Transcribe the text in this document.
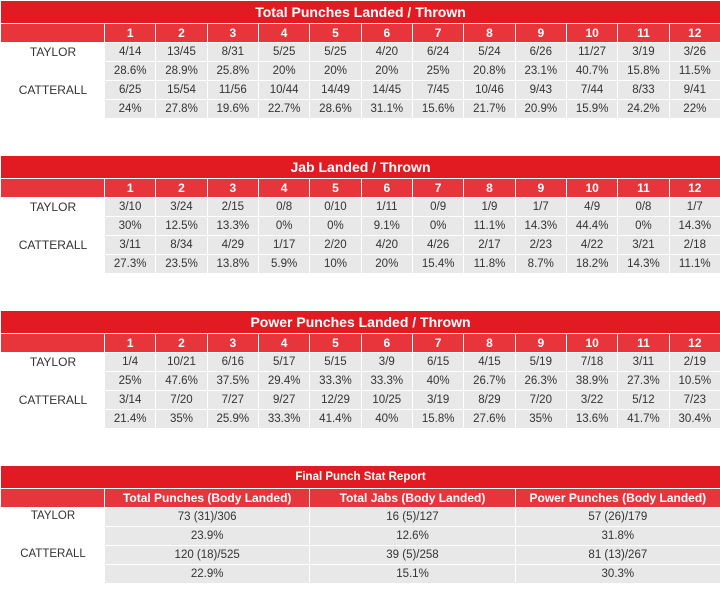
Total Punches Landed / Thrown												
	1	2	3	4	5	6	7	8	9	10	11	12

TAYLOR	4/14	13/45	8/31	5/25	5/25	4/20	6/24	5/24	6/26	11/27	3/19	3/26
	28.6%	28.9%	25.8%	20%	20%	20%	25%	20.8%	23.1%	40.7%	15.8%	11.5%

CATTERALL	6/25	15/54	11/56	10/44	14/49	14/45	7/45	10/46	9/43	7/44	8/33	9/41
	24%	27.8%	19.6%	22.7%	28.6%	31.1%	15.6%	21.7%	20.9%	15.9%	24.2%	22%
Jab Landed / Thrown												
	1	2	3	4	5	6	7	8	9	10	11	12

TAYLOR	3/10	3/24	2/15	0/8	0/10	1/11	0/9	1/9	1/7	4/9	0/8	1/7
	30%	12.5%	13.3%	0%	0%	9.1%	0%	11.1%	14.3%	44.4%	0%	14.3%

CATTERALL	3/11	8/34	4/29	1/17	2/20	4/20	4/26	2/17	2/23	4/22	3/21	2/18
	27.3%	23.5%	13.8%	5.9%	10%	20%	15.4%	11.8%	8.7%	18.2%	14.3%	11.1%
Power Punches Landed / Thrown												
	1	2	3	4	5	6	7	8	9	10	11	12

TAYLOR	1/4	10/21	6/16	5/17	5/15	3/9	6/15	4/15	5/19	7/18	3/11	2/19
	25%	47.6%	37.5%	29.4%	33.3%	33.3%	40%	26.7%	26.3%	38.9%	27.3%	10.5%

CATTERALL	3/14	7/20	7/27	9/27	12/29	10/25	3/19	8/29	7/20	3/22	5/12	7/23
	21.4%	35%	25.9%	33.3%	41.4%	40%	15.8%	27.6%	35%	13.6%	41.7%	30.4%
Final Punch Stat Report			
	Total Punches (Body Landed)	Total Jabs (Body Landed)	Power Punches (Body Landed)

TAYLOR	73 (31)/306	16 (5)/127	57 (26)/179
	23.9%	12.6%	31.8%

CATTERALL	120 (18)/525	39 (5)/258	81 (13)/267
	22.9%	15.1%	30.3%
